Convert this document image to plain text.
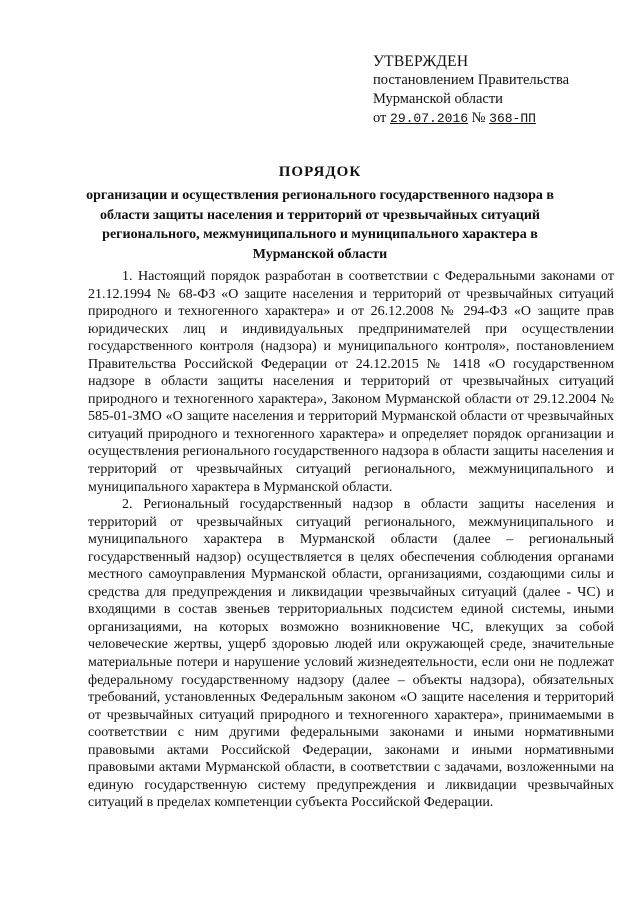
УТВЕРЖДЕН
постановлением Правительства
Мурманской области
от 29.07.2016 № 368-ПП
ПОРЯДОК
организации и осуществления регионального государственного надзора в области защиты населения и территорий от чрезвычайных ситуаций регионального, межмуниципального и муниципального характера в Мурманской области

1. Настоящий порядок разработан в соответствии с Федеральными законами от 21.12.1994 № 68-ФЗ «О защите населения и территорий от чрезвычайных ситуаций природного и техногенного характера» и от 26.12.2008 № 294-ФЗ «О защите прав юридических лиц и индивидуальных предпринимателей при осуществлении государственного контроля (надзора) и муниципального контроля», постановлением Правительства Российской Федерации от 24.12.2015 № 1418 «О государственном надзоре в области защиты населения и территорий от чрезвычайных ситуаций природного и техногенного характера», Законом Мурманской области от 29.12.2004 № 585-01-ЗМО «О защите населения и территорий Мурманской области от чрезвычайных ситуаций природного и техногенного характера» и определяет порядок организации и осуществления регионального государственного надзора в области защиты населения и территорий от чрезвычайных ситуаций регионального, межмуниципального и муниципального характера в Мурманской области.

2. Региональный государственный надзор в области защиты населения и территорий от чрезвычайных ситуаций регионального, межмуниципального и муниципального характера в Мурманской области (далее – региональный государственный надзор) осуществляется в целях обеспечения соблюдения органами местного самоуправления Мурманской области, организациями, создающими силы и средства для предупреждения и ликвидации чрезвычайных ситуаций (далее - ЧС) и входящими в состав звеньев территориальных подсистем единой системы, иными организациями, на которых возможно возникновение ЧС, влекущих за собой человеческие жертвы, ущерб здоровью людей или окружающей среде, значительные материальные потери и нарушение условий жизнедеятельности, если они не подлежат федеральному государственному надзору (далее – объекты надзора), обязательных требований, установленных Федеральным законом «О защите населения и территорий от чрезвычайных ситуаций природного и техногенного характера», принимаемыми в соответствии с ним другими федеральными законами и иными нормативными правовыми актами Российской Федерации, законами и иными нормативными правовыми актами Мурманской области, в соответствии с задачами, возложенными на единую государственную систему предупреждения и ликвидации чрезвычайных ситуаций в пределах компетенции субъекта Российской Федерации.
